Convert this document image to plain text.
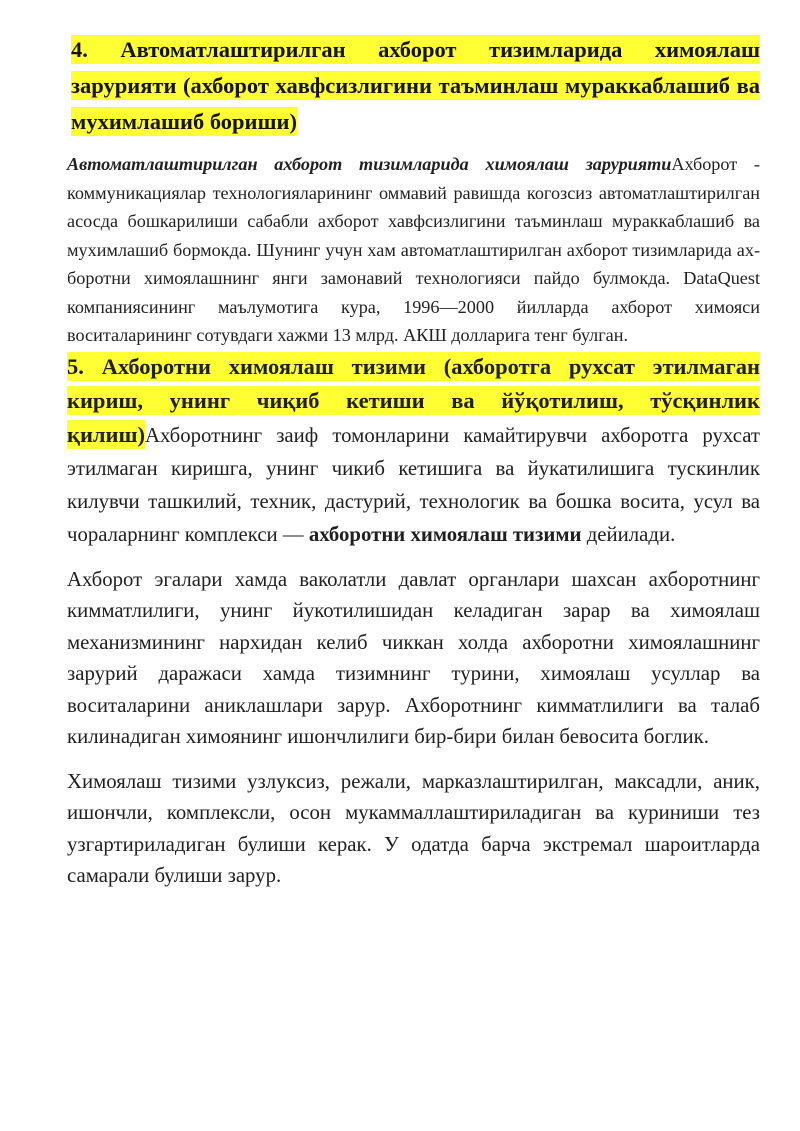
4. Автоматлаштирилган ахборот тизимларида химоялаш зарурияти (ахборот хавфсизлигини таъминлаш мураккаблашиб ва мухимлашиб бориши)

Автоматлаштирилган ахборот тизимларида химоялаш заруриятиАхборот - коммуникациялар технологияларининг оммавий равишда когозсиз автоматлаштирилган асосда бошкарилиши сабабли ахборот хавфсизлигини таъминлаш мураккаблашиб ва мухимлашиб бормокда. Шунинг учун хам автоматлаштирилган ахборот тизимларида ахборотни химоялашнинг янги замонавий технологияси пайдо булмокда. DataQuest компаниясининг маълумотига кура, 1996—2000 йилларда ахборот химояси воситаларининг сотувдаги хажми 13 млрд. АКШ долларига тенг булган.

5. Ахборотни химоялаш тизими (ахборотга рухсат этилмаган кириш, унинг чиқиб кетиши ва йўқотилиш, тўсқинлик қилиш)Ахборотнинг заиф томонларини камайтирувчи ахборотга рухсат этилмаган киришга, унинг чикиб кетишига ва йукатилишига тускинлик килувчи ташкилий, техник, дастурий, технологик ва бошка восита, усул ва чораларнинг комплекси — ахборотни химоялаш тизими дейилади.

Ахборот эгалари хамда ваколатли давлат органлари шахсан ахборотнинг кимматлилиги, унинг йукотилишидан келадиган зарар ва химоялаш механизмининг нархидан келиб чиккан холда ахборотни химоялашнинг зарурий даражаси хамда тизимнинг турини, химоялаш усуллар ва воситаларини аниклашлари зарур. Ахборотнинг кимматлилиги ва талаб килинадиган химоянинг ишончлилиги бир-бири билан бевосита боглик.

Химоялаш тизими узлуксиз, режали, марказлаштирилган, максадли, аник, ишончли, комплексли, осон мукаммаллаштириладиган ва куриниши тез узгартириладиган булиши керак. У одатда барча экстремал шароитларда самарали булиши зарур.
